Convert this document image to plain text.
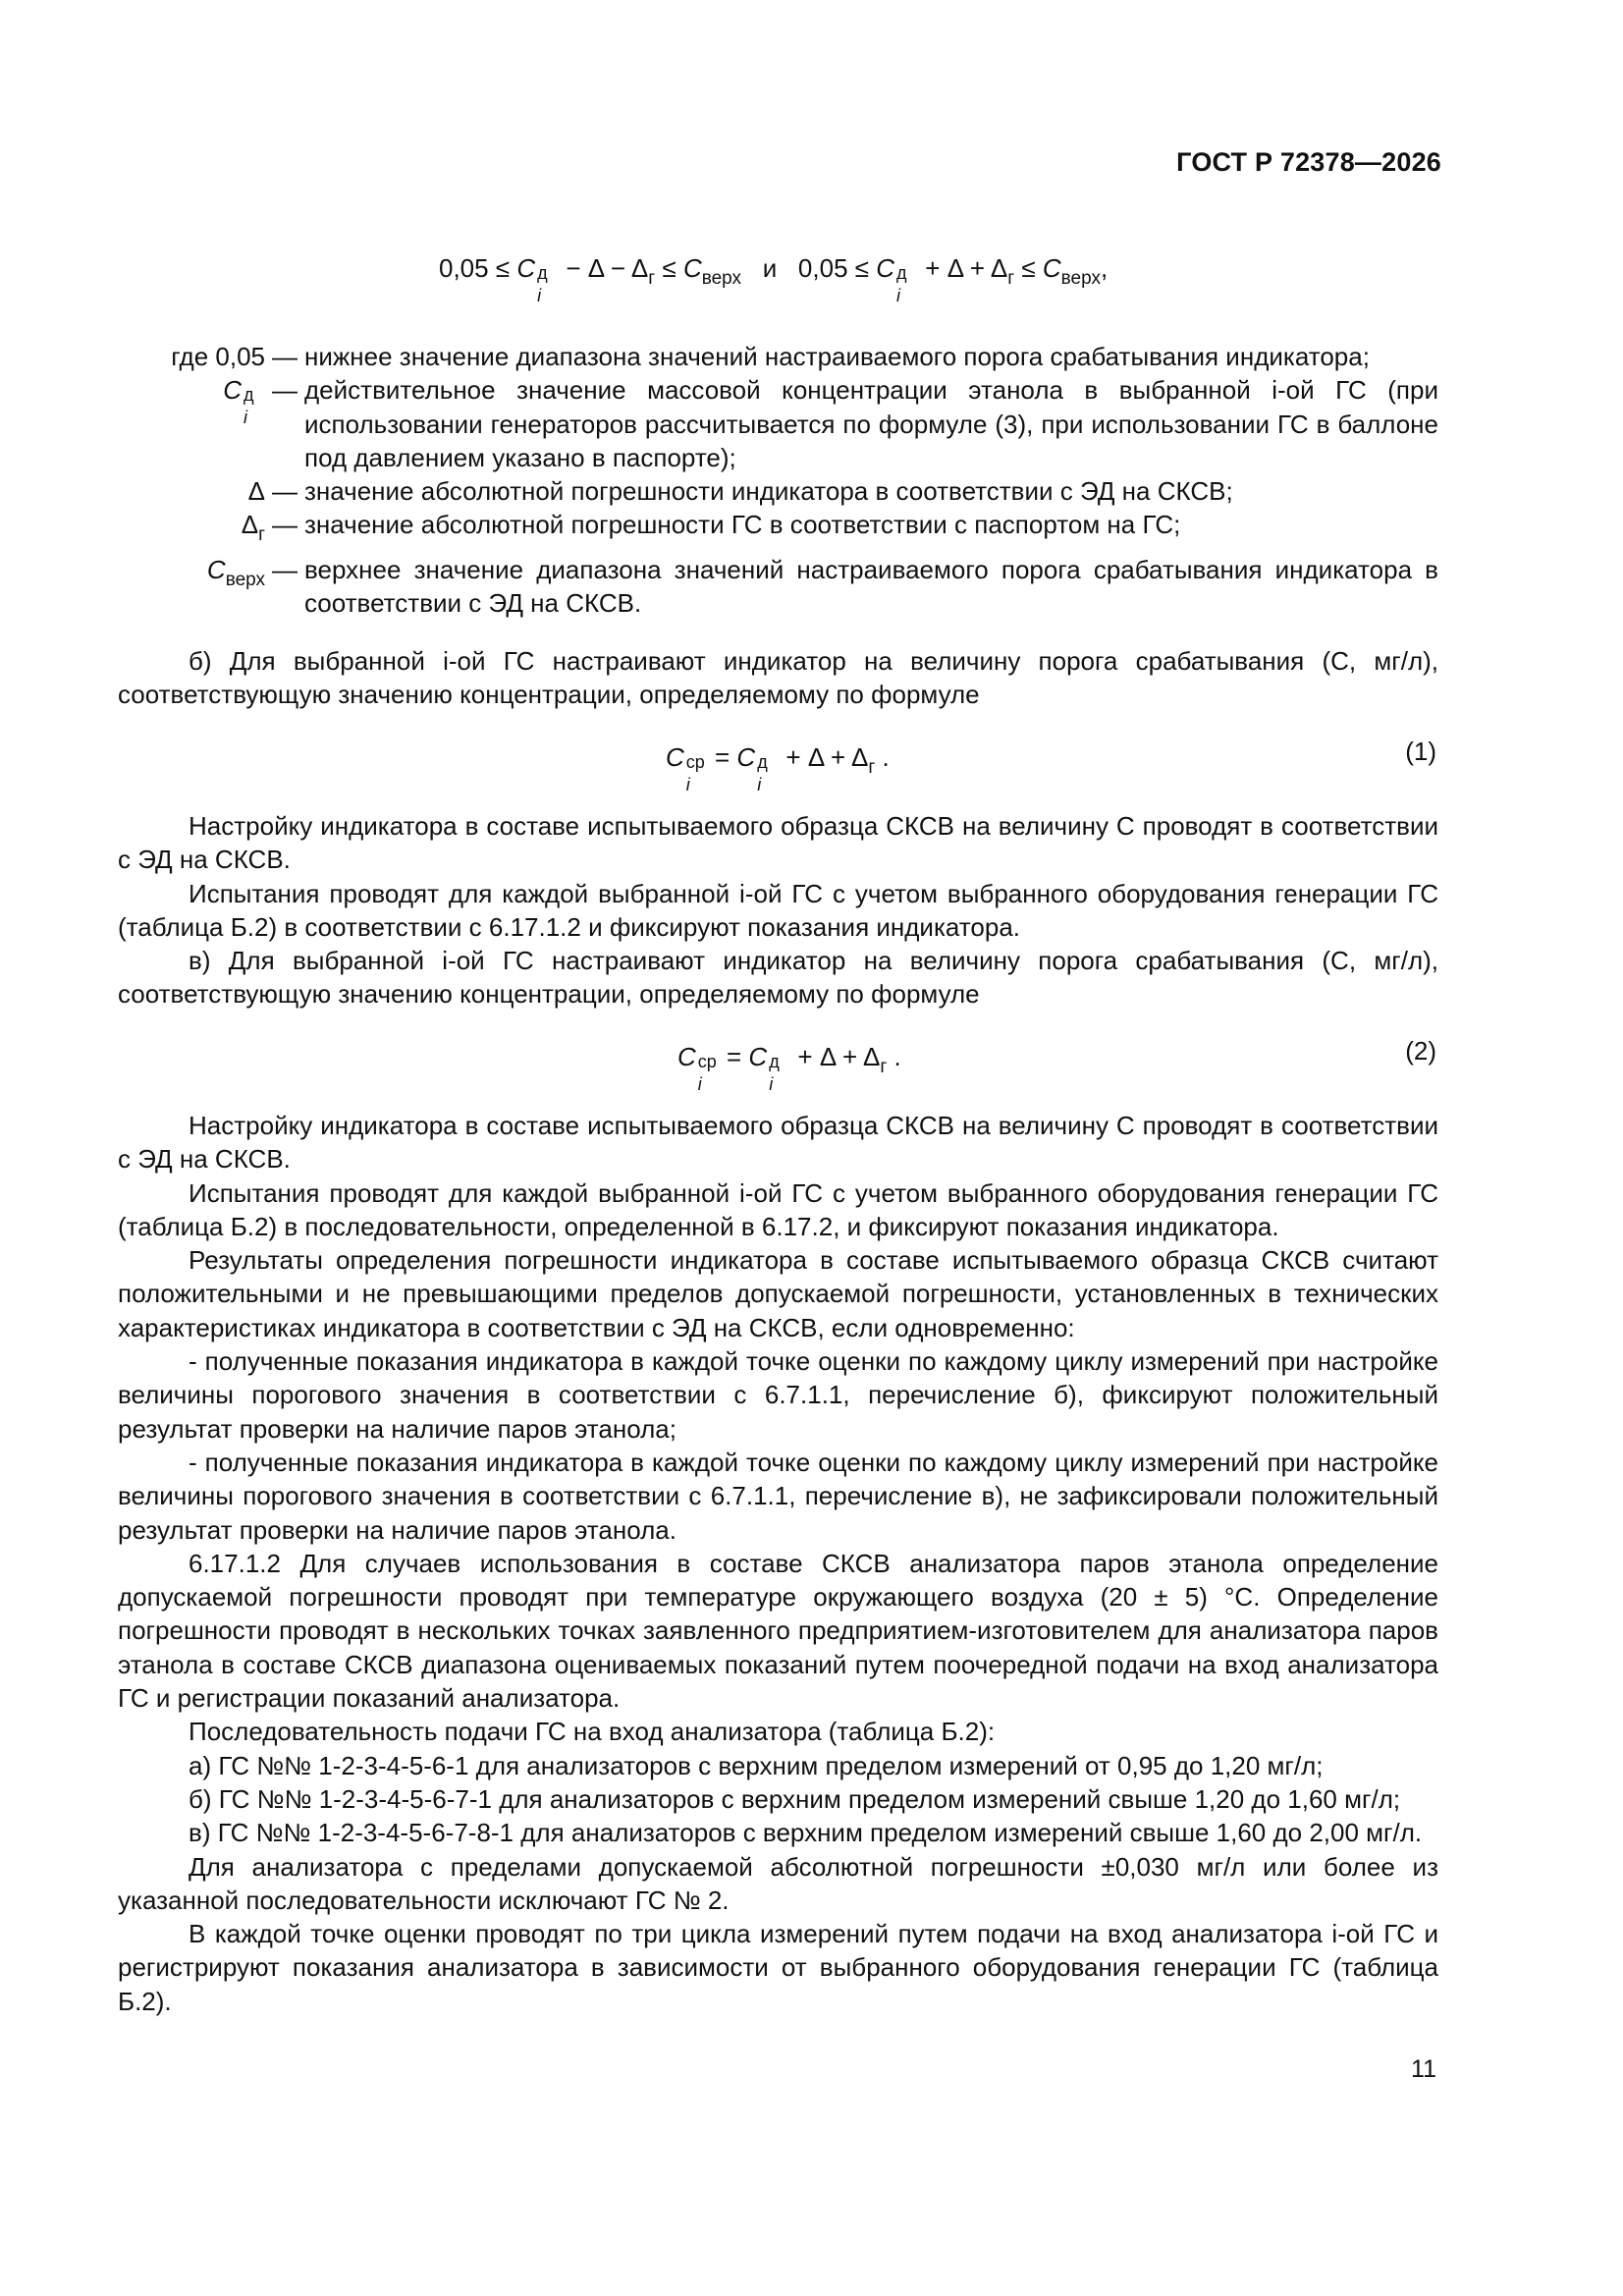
ГОСТ Р 72378—2026
0,05 ≤ C д
i
− $\Delta - \Delta_г \le C_{верх}$ и 0,05 ≤ C д
i
+ $\Delta + \Delta_г \le C_{верх}$,
где 0,05 — нижнее значение диапазона значений настраиваемого порога срабатывания индикатора;
C д
i
— действительное значение массовой концентрации этанола в выбранной i-ой ГС (при использовании генераторов рассчитывается по формуле (3), при использовании ГС в баллоне под давлением указано в паспорте);
Δ — значение абсолютной погрешности индикатора в соответствии с ЭД на СКСВ;
$\Delta_г$ — значение абсолютной погрешности ГС в соответствии с паспортом на ГС;
$C_{верх}$ — верхнее значение диапазона значений настраиваемого порога срабатывания индикатора в соответствии с ЭД на СКСВ.

б) Для выбранной i-ой ГС настраивают индикатор на величину порога срабатывания (C, мг/л), соответствующую значению концентрации, определяемому по формуле

C ср
i
= C д
i
+ $\Delta + \Delta_г$ .	(1)

Настройку индикатора в составе испытываемого образца СКСВ на величину C проводят в соответствии с ЭД на СКСВ.

Испытания проводят для каждой выбранной i-ой ГС с учетом выбранного оборудования генерации ГС (таблица Б.2) в соответствии с 6.17.1.2 и фиксируют показания индикатора.

в) Для выбранной i-ой ГС настраивают индикатор на величину порога срабатывания (C, мг/л), соответствующую значению концентрации, определяемому по формуле

C ср
i
= C д
i
+ $\Delta + \Delta_г$ .	(2)

Настройку индикатора в составе испытываемого образца СКСВ на величину C проводят в соответствии с ЭД на СКСВ.

Испытания проводят для каждой выбранной i-ой ГС с учетом выбранного оборудования генерации ГС (таблица Б.2) в последовательности, определенной в 6.17.2, и фиксируют показания индикатора.

Результаты определения погрешности индикатора в составе испытываемого образца СКСВ считают положительными и не превышающими пределов допускаемой погрешности, установленных в технических характеристиках индикатора в соответствии с ЭД на СКСВ, если одновременно:

- полученные показания индикатора в каждой точке оценки по каждому циклу измерений при настройке величины порогового значения в соответствии с 6.7.1.1, перечисление б), фиксируют положительный результат проверки на наличие паров этанола;

- полученные показания индикатора в каждой точке оценки по каждому циклу измерений при настройке величины порогового значения в соответствии с 6.7.1.1, перечисление в), не зафиксировали положительный результат проверки на наличие паров этанола.

6.17.1.2 Для случаев использования в составе СКСВ анализатора паров этанола определение допускаемой погрешности проводят при температуре окружающего воздуха (20 ± 5) °С. Определение погрешности проводят в нескольких точках заявленного предприятием-изготовителем для анализатора паров этанола в составе СКСВ диапазона оцениваемых показаний путем поочередной подачи на вход анализатора ГС и регистрации показаний анализатора.

Последовательность подачи ГС на вход анализатора (таблица Б.2):

а) ГС №№ 1-2-3-4-5-6-1 для анализаторов с верхним пределом измерений от 0,95 до 1,20 мг/л;

б) ГС №№ 1-2-3-4-5-6-7-1 для анализаторов с верхним пределом измерений свыше 1,20 до 1,60 мг/л;

в) ГС №№ 1-2-3-4-5-6-7-8-1 для анализаторов с верхним пределом измерений свыше 1,60 до 2,00 мг/л.

Для анализатора с пределами допускаемой абсолютной погрешности ±0,030 мг/л или более из указанной последовательности исключают ГС № 2.

В каждой точке оценки проводят по три цикла измерений путем подачи на вход анализатора i-ой ГС и регистрируют показания анализатора в зависимости от выбранного оборудования генерации ГС (таблица Б.2).

11
